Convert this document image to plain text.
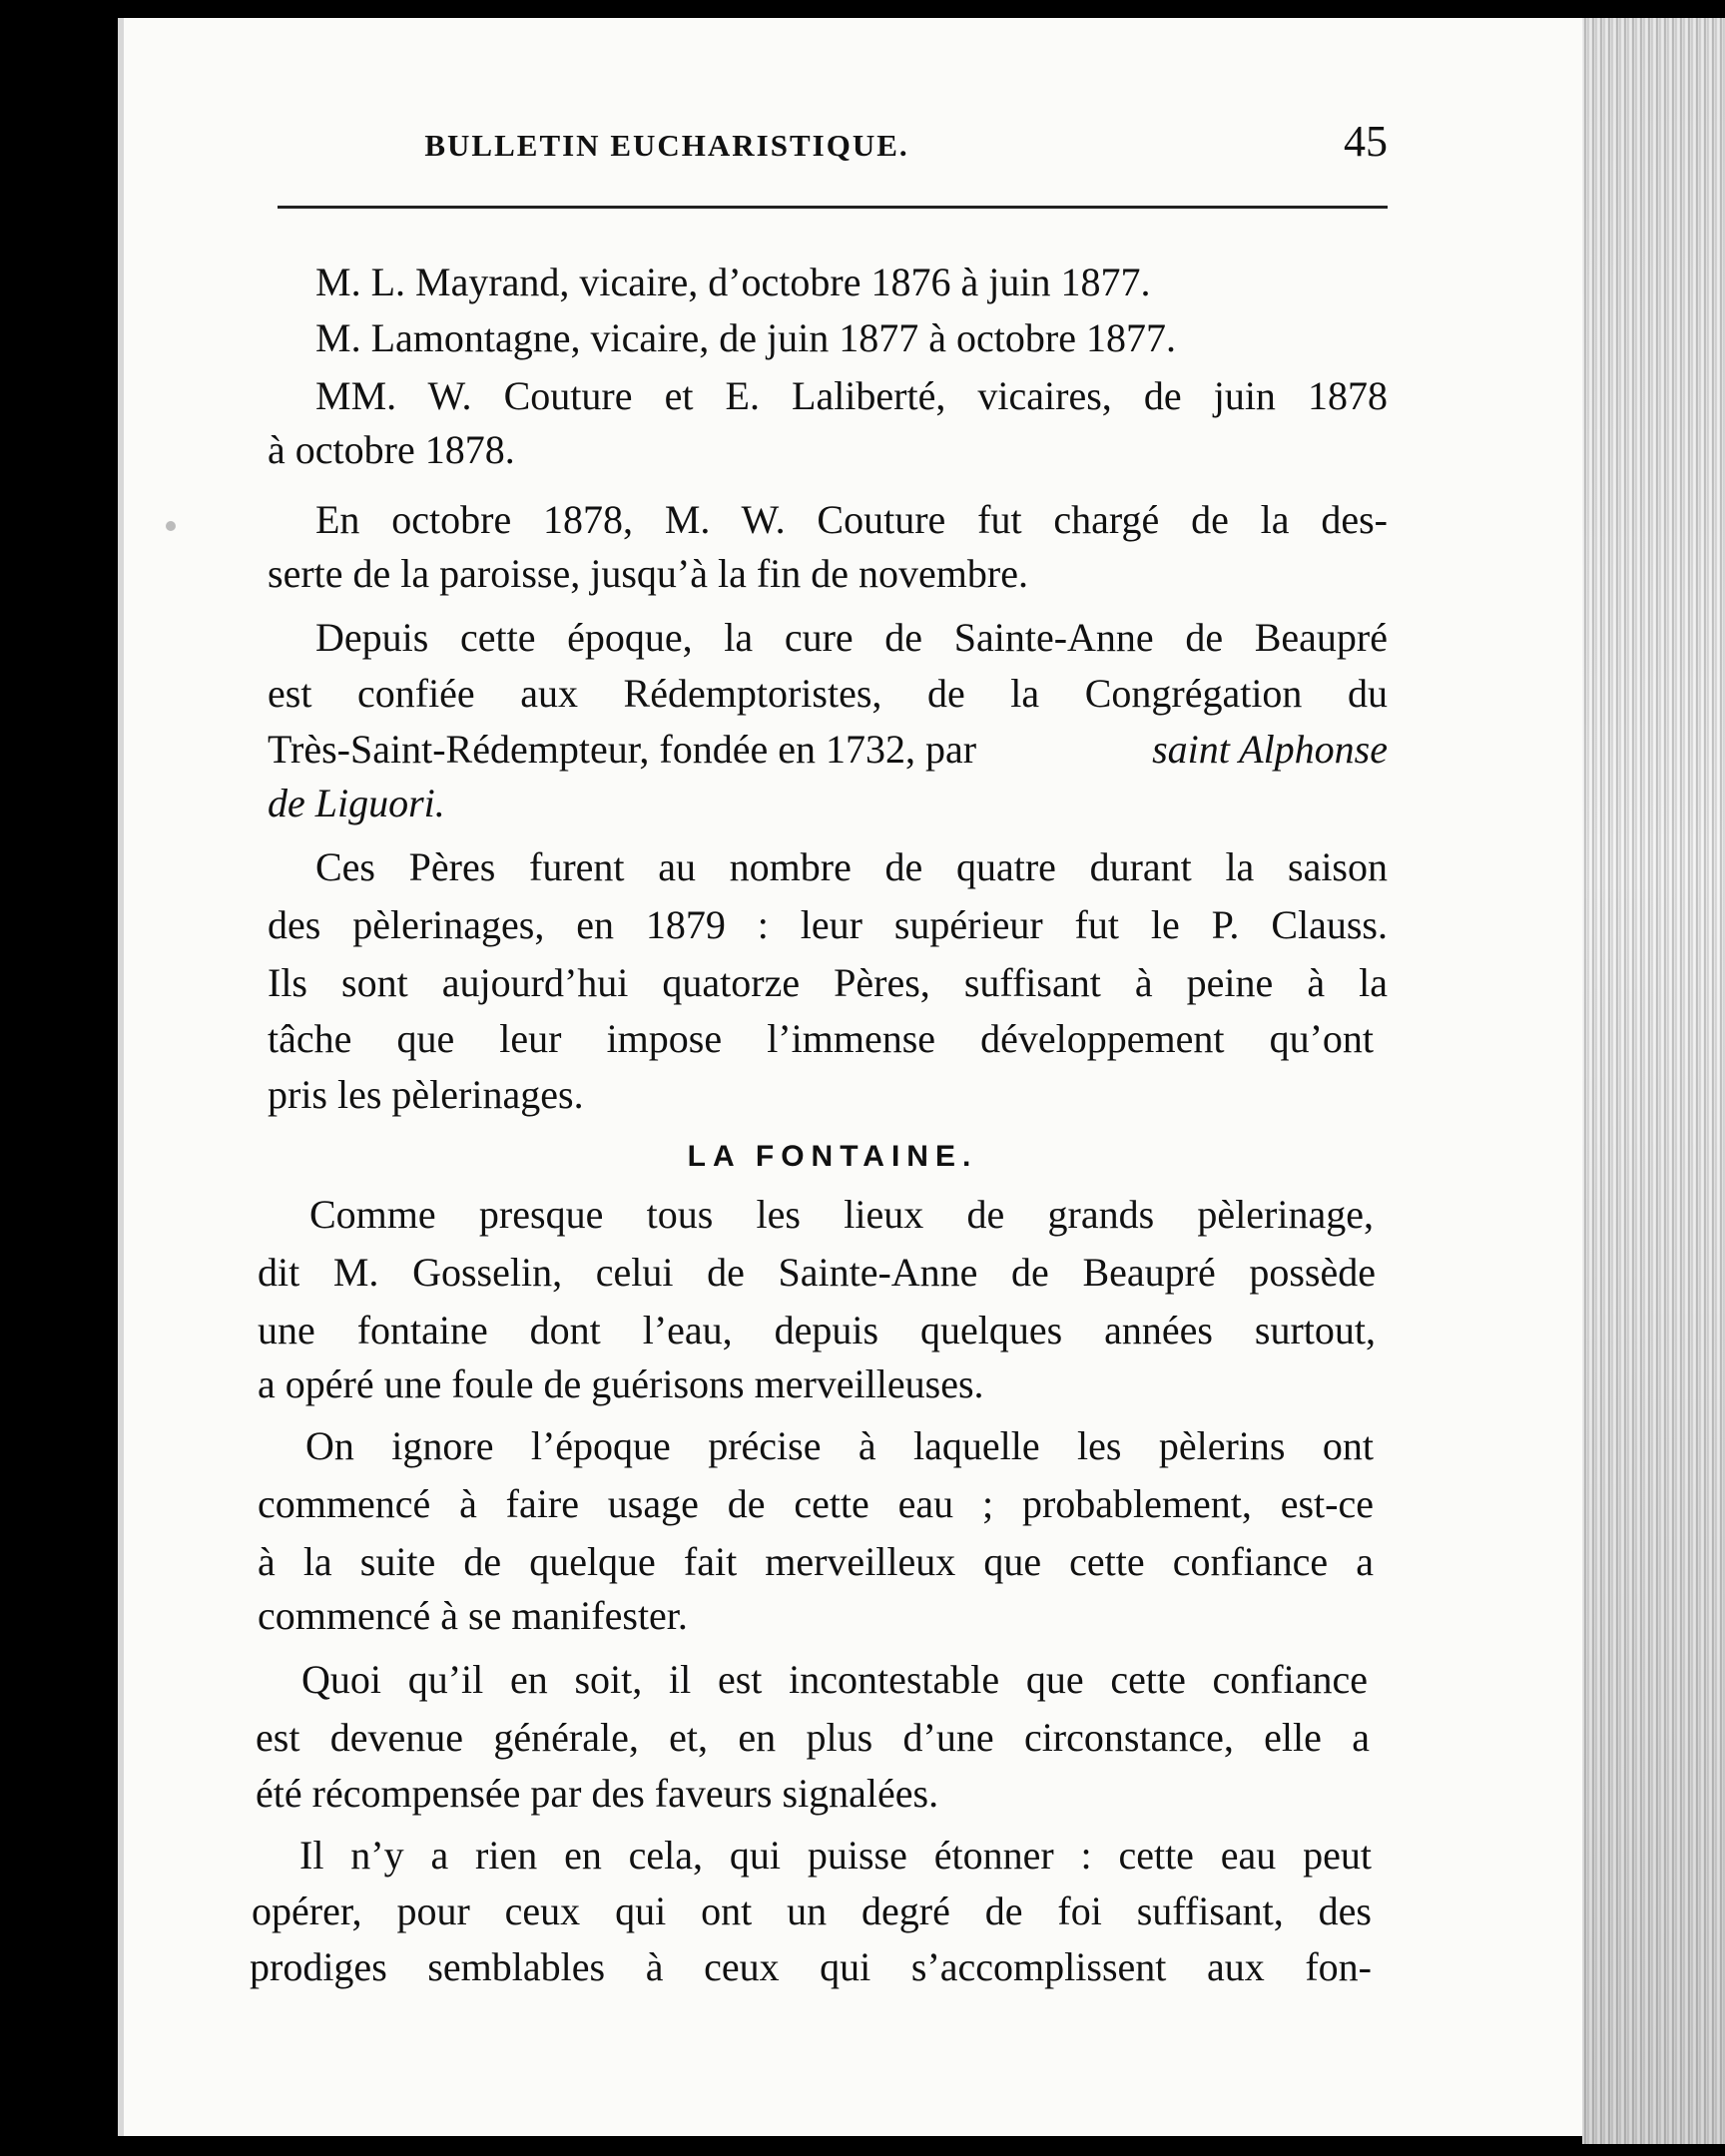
BULLETIN EUCHARISTIQUE.	45
M. L. Mayrand, vicaire, d’octobre 1876 à juin 1877.
M. Lamontagne, vicaire, de juin 1877 à octobre 1877.
MM. W. Couture et E. Laliberté, vicaires, de juin 1878
à octobre 1878.
En octobre 1878, M. W. Couture fut chargé de la des-
serte de la paroisse, jusqu’à la fin de novembre.
Depuis cette époque, la cure de Sainte-Anne de Beaupré
est confiée aux Rédemptoristes, de la Congrégation du
Très-Saint-Rédempteur, fondée en 1732, par	saint Alphonse
de Liguori.
Ces Pères furent au nombre de quatre durant la saison
des pèlerinages, en 1879 : leur supérieur fut le P. Clauss.
Ils sont aujourd’hui quatorze Pères, suffisant à peine à la
tâche que leur impose l’immense développement qu’ont
pris les pèlerinages.
LA FONTAINE.
Comme presque tous les lieux de grands pèlerinage,
dit M. Gosselin, celui de Sainte-Anne de Beaupré possède
une fontaine dont l’eau, depuis quelques années surtout,
a opéré une foule de guérisons merveilleuses.
On ignore l’époque précise à laquelle les pèlerins ont
commencé à faire usage de cette eau ; probablement, est-ce
à la suite de quelque fait merveilleux que cette confiance a
commencé à se manifester.
Quoi qu’il en soit, il est incontestable que cette confiance
est devenue générale, et, en plus d’une circonstance, elle a
été récompensée par des faveurs signalées.
Il n’y a rien en cela, qui puisse étonner : cette eau peut
opérer, pour ceux qui ont un degré de foi suffisant, des
prodiges semblables à ceux qui s’accomplissent aux fon-
